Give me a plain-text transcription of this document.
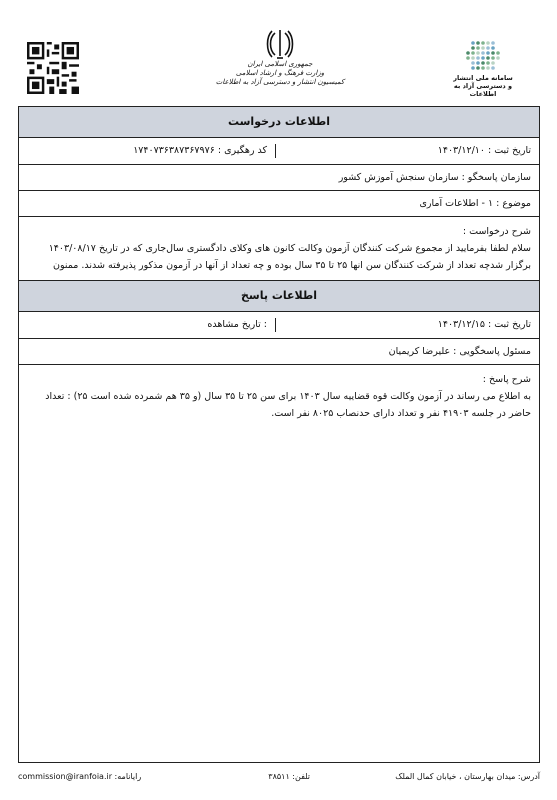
جمهوری اسلامی ایران
وزارت فرهنگ و ارشاد اسلامی
کمیسیون انتشار و دسترسی آزاد به اطلاعات	سامانه ملی انتشار
و دسترسی آزاد به اطلاعات
اطلاعات درخواست
تاریخ ثبت : ۱۴۰۳/۱۲/۱۰
کد رهگیری : ۱۷۴۰۷۳۶۳۸۷۳۶۷۹۷۶
سازمان پاسخگو : سازمان سنجش آموزش کشور
موضوع : ۱ - اطلاعات آماری
شرح درخواست :
سلام لطفا بفرمایید از مجموع شرکت کنندگان آزمون وکالت کانون های وکلای دادگستری سال‌جاری که در تاریخ ۱۴۰۳/۰۸/۱۷ برگزار شد‌چه تعداد از شرکت کنندگان سن انها ۲۵ تا ۳۵ سال بوده و چه تعداد از آنها در آزمون مذکور پذیرفته شدند. ممنون
اطلاعات پاسخ
تاریخ ثبت : ۱۴۰۳/۱۲/۱۵
: تاریخ مشاهده
مسئول پاسخگویی : علیرضا کریمیان
شرح پاسخ :
به اطلاع می رساند در آزمون وکالت قوه قضاییه سال ۱۴۰۳ برای سن ۲۵ تا ۳۵ سال (و ۳۵ هم شمرده شده است ۲۵) : تعداد حاضر در جلسه ۴۱۹۰۳ نفر و تعداد دارای حدنصاب ۸۰۲۵ نفر است.
آدرس: میدان بهارستان ، خیابان کمال الملک
تلفن: ۳۸۵۱۱
commission@iranfoia.ir :رایانامه
